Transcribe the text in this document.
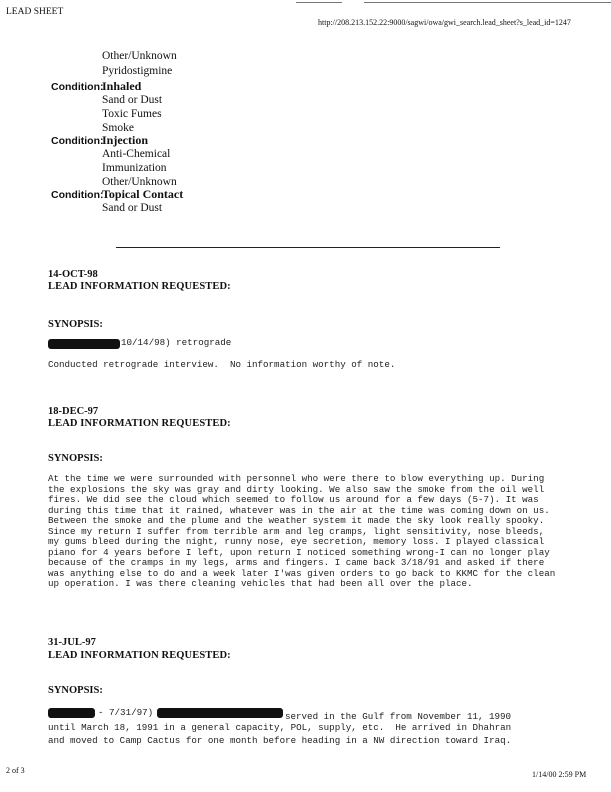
LEAD SHEET
http://208.213.152.22:9000/sagwi/owa/gwi_search.lead_sheet?s_lead_id=1247
Other/Unknown
Pyridostigmine
Condition:
Inhaled
Sand or Dust
Toxic Fumes
Smoke
Condition:
Injection
Anti-Chemical
Immunization
Other/Unknown
Condition:
Topical Contact
Sand or Dust
14-OCT-98
LEAD INFORMATION REQUESTED:
SYNOPSIS:
10/14/98) retrograde
Conducted retrograde interview.  No information worthy of note.
18-DEC-97
LEAD INFORMATION REQUESTED:
SYNOPSIS:
At the time we were surrounded with personnel who were there to blow everything up. During the explosions the sky was gray and dirty looking. We also saw the smoke from the oil well fires. We did see the cloud which seemed to follow us around for a few days (5-7). It was during this time that it rained, whatever was in the air at the time was coming down on us. Between the smoke and the plume and the weather system it made the sky look really spooky. Since my return I suffer from terrible arm and leg cramps, light sensitivity, nose bleeds, my gums bleed during the night, runny nose, eye secretion, memory loss. I played classical piano for 4 years before I left, upon return I noticed something wrong-I can no longer play because of the cramps in my legs, arms and fingers. I came back 3/18/91 and asked if there was anything else to do and a week later I'was given orders to go back to KKMC for the clean up operation. I was there cleaning vehicles that had been all over the place.
31-JUL-97
LEAD INFORMATION REQUESTED:
SYNOPSIS:
- 7/31/97)	served in the Gulf from November 11, 1990
until March 18, 1991 in a general capacity, POL, supply, etc.  He arrived in Dhahran
and moved to Camp Cactus for one month before heading in a NW direction toward Iraq.
2 of 3	1/14/00 2:59 PM
